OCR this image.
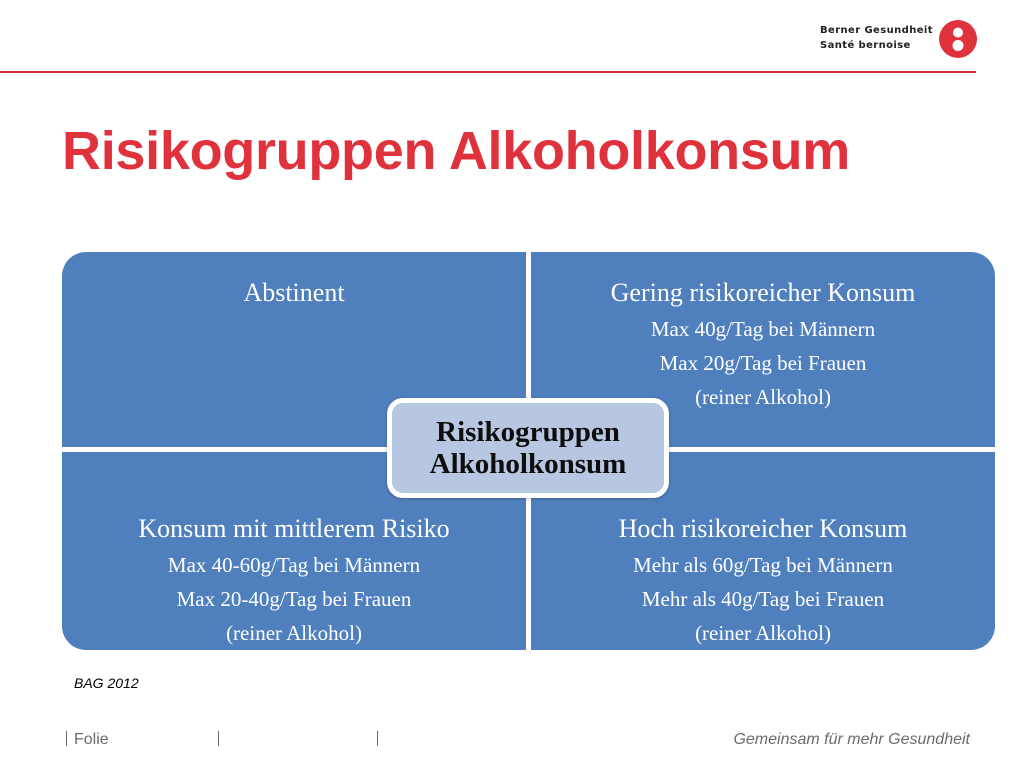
Berner Gesundheit
Santé bernoise
Risikogruppen Alkoholkonsum
Abstinent	Gering risikoreicher Konsum
Max 40g/Tag bei Männern
Max 20g/Tag bei Frauen
(reiner Alkohol)
Konsum mit mittlerem Risiko
Max 40-60g/Tag bei Männern
Max 20-40g/Tag bei Frauen
(reiner Alkohol)
Hoch risikoreicher Konsum
Mehr als 60g/Tag bei Männern
Mehr als 40g/Tag bei Frauen
(reiner Alkohol)
Risikogruppen
Alkoholkonsum
BAG 2012
Folie	Gemeinsam für mehr Gesundheit
